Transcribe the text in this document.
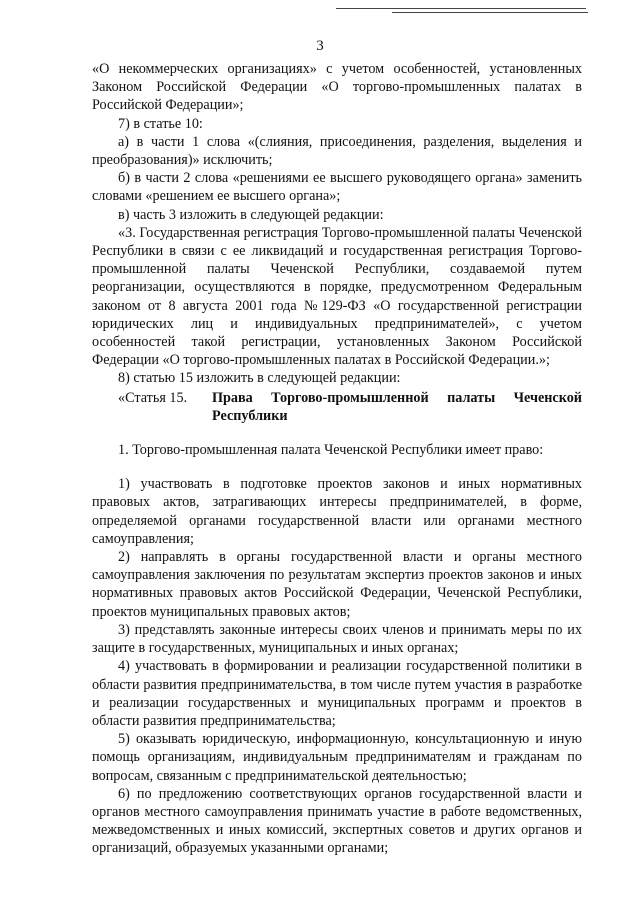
3

«О некоммерческих организациях» с учетом особенностей, установленных Законом Российской Федерации «О торгово-промышленных палатах в Российской Федерации»;

7) в статье 10:

а) в части 1 слова «(слияния, присоединения, разделения, выделения и преобразования)» исключить;

б) в части 2 слова «решениями ее высшего руководящего органа» заменить словами «решением ее высшего органа»;

в) часть 3 изложить в следующей редакции:

«3. Государственная регистрация Торгово-промышленной палаты Чеченской Республики в связи с ее ликвидаций и государственная регистрация Торгово-промышленной палаты Чеченской Республики, создаваемой путем реорганизации, осуществляются в порядке, предусмотренном Федеральным законом от 8 августа 2001 года №129-ФЗ «О государственной регистрации юридических лиц и индивидуальных предпринимателей», с учетом особенностей такой регистрации, установленных Законом Российской Федерации «О торгово-промышленных палатах в Российской Федерации.»;

8) статью 15 изложить в следующей редакции:

«Статья 15.	Права Торгово-промышленной палаты Чеченской Республики

1. Торгово-промышленная палата Чеченской Республики имеет право:

1) участвовать в подготовке проектов законов и иных нормативных правовых актов, затрагивающих интересы предпринимателей, в форме, определяемой органами государственной власти или органами местного самоуправления;

2) направлять в органы государственной власти и органы местного самоуправления заключения по результатам экспертиз проектов законов и иных нормативных правовых актов Российской Федерации, Чеченской Республики, проектов муниципальных правовых актов;

3) представлять законные интересы своих членов и принимать меры по их защите в государственных, муниципальных и иных органах;

4) участвовать в формировании и реализации государственной политики в области развития предпринимательства, в том числе путем участия в разработке и реализации государственных и муниципальных программ и проектов в области развития предпринимательства;

5) оказывать юридическую, информационную, консультационную и иную помощь организациям, индивидуальным предпринимателям и гражданам по вопросам, связанным с предпринимательской деятельностью;

6) по предложению соответствующих органов государственной власти и органов местного самоуправления принимать участие в работе ведомственных, межведомственных и иных комиссий, экспертных советов и других органов и организаций, образуемых указанными органами;
